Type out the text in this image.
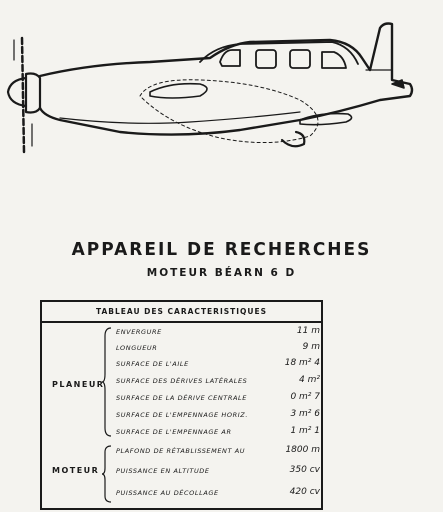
APPAREIL DE RECHERCHES
MOTEUR BÉARN 6 D
TABLEAU DES CARACTERISTIQUES
PLANEUR
ENVERGURE	11 m
LONGUEUR	9 m
SURFACE DE L'AILE	18 m² 4
SURFACE DES DÉRIVES LATÉRALES	4 m²
SURFACE DE LA DÉRIVE CENTRALE	0 m² 7
SURFACE DE L'EMPENNAGE HORIZ.	3 m² 6
SURFACE DE L'EMPENNAGE AR	1 m² 1
MOTEUR
PLAFOND DE RÉTABLISSEMENT AU	1800 m
PUISSANCE EN ALTITUDE	350 cv
PUISSANCE AU DÉCOLLAGE	420 cv
